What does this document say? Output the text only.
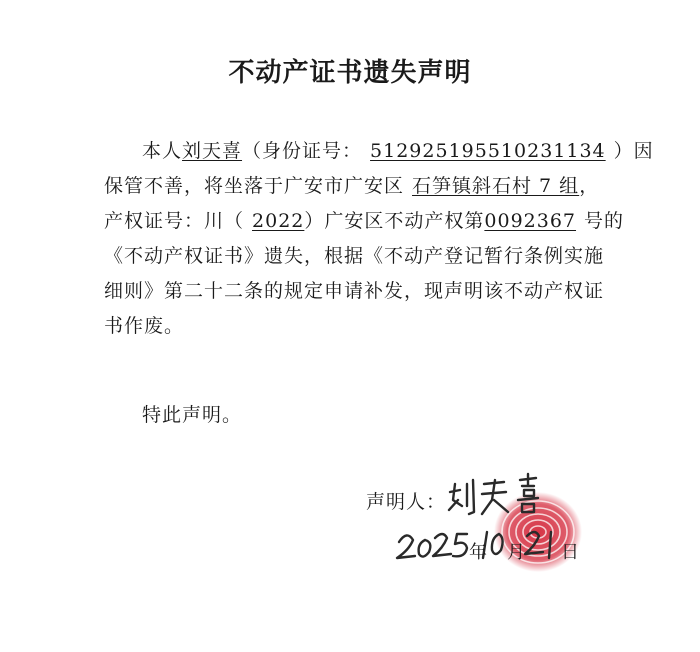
不动产证书遗失声明
本人刘天喜（身份证号： 512925195510231134 ）因
保管不善，将坐落于广安市广安区 石笋镇斜石村 7 组，
产权证号：川（ 2022）广安区不动产权第0092367 号的
《不动产权证书》遗失，根据《不动产登记暂行条例实施
细则》第二十二条的规定申请补发，现声明该不动产权证
书作废。
特此声明。
声明人：
年 月 日
